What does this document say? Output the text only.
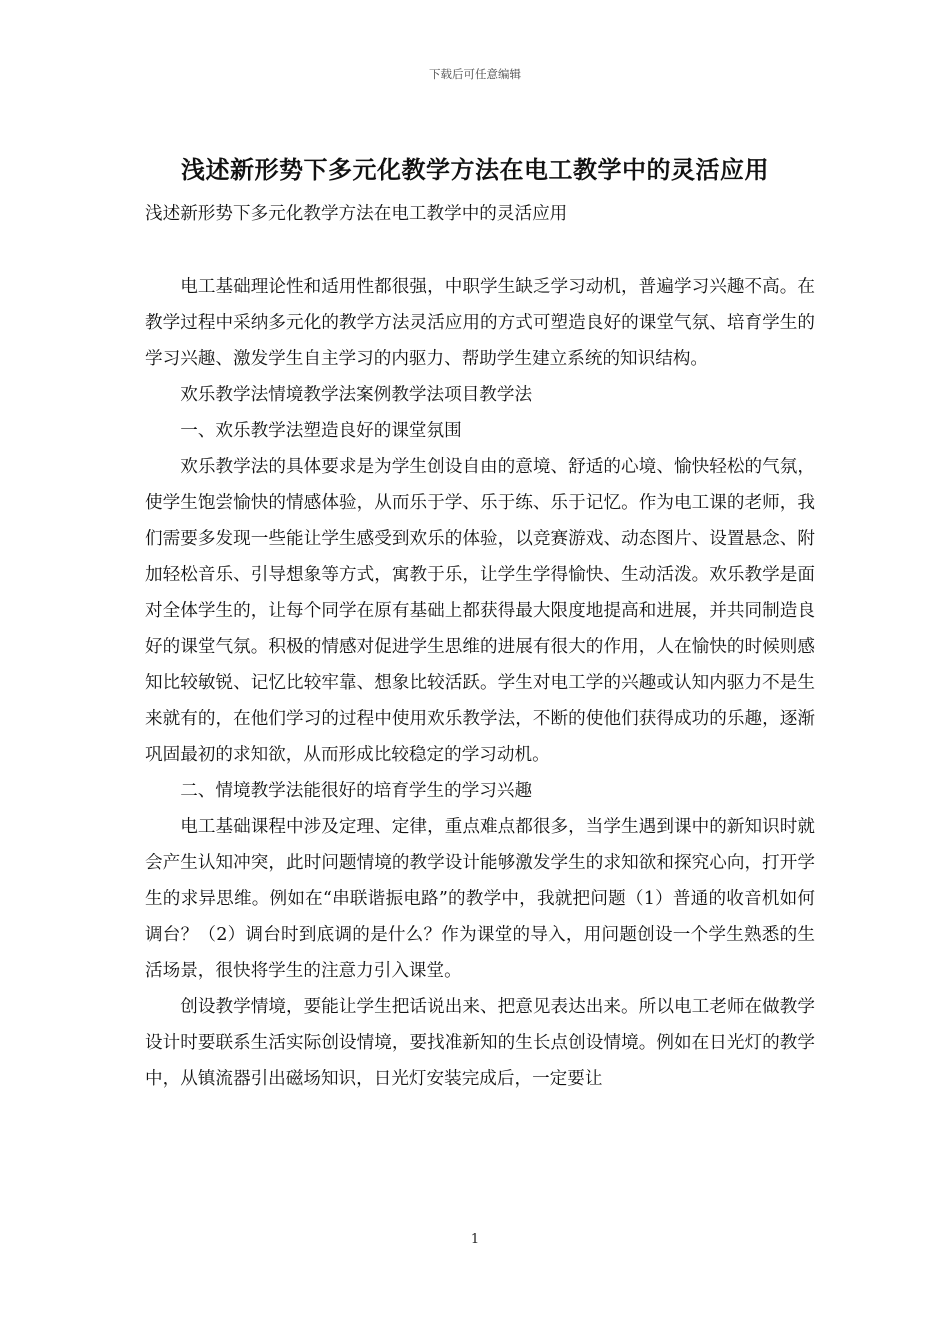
下载后可任意编辑
浅述新形势下多元化教学方法在电工教学中的灵活应用
浅述新形势下多元化教学方法在电工教学中的灵活应用

电工基础理论性和适用性都很强，中职学生缺乏学习动机，普遍学习兴趣不高。在教学过程中采纳多元化的教学方法灵活应用的方式可塑造良好的课堂气氛、培育学生的学习兴趣、激发学生自主学习的内驱力、帮助学生建立系统的知识结构。

欢乐教学法情境教学法案例教学法项目教学法

一、欢乐教学法塑造良好的课堂氛围

欢乐教学法的具体要求是为学生创设自由的意境、舒适的心境、愉快轻松的气氛，使学生饱尝愉快的情感体验，从而乐于学、乐于练、乐于记忆。作为电工课的老师，我们需要多发现一些能让学生感受到欢乐的体验，以竞赛游戏、动态图片、设置悬念、附加轻松音乐、引导想象等方式，寓教于乐，让学生学得愉快、生动活泼。欢乐教学是面对全体学生的，让每个同学在原有基础上都获得最大限度地提高和进展，并共同制造良好的课堂气氛。积极的情感对促进学生思维的进展有很大的作用，人在愉快的时候则感知比较敏锐、记忆比较牢靠、想象比较活跃。学生对电工学的兴趣或认知内驱力不是生来就有的，在他们学习的过程中使用欢乐教学法，不断的使他们获得成功的乐趣，逐渐巩固最初的求知欲，从而形成比较稳定的学习动机。

二、情境教学法能很好的培育学生的学习兴趣

电工基础课程中涉及定理、定律，重点难点都很多，当学生遇到课中的新知识时就会产生认知冲突，此时问题情境的教学设计能够激发学生的求知欲和探究心向，打开学生的求异思维。例如在“串联谐振电路”的教学中，我就把问题（1）普通的收音机如何调台？（2）调台时到底调的是什么？作为课堂的导入，用问题创设一个学生熟悉的生活场景，很快将学生的注意力引入课堂。

创设教学情境，要能让学生把话说出来、把意见表达出来。所以电工老师在做教学设计时要联系生活实际创设情境，要找准新知的生长点创设情境。例如在日光灯的教学中，从镇流器引出磁场知识，日光灯安装完成后，一定要让

1
